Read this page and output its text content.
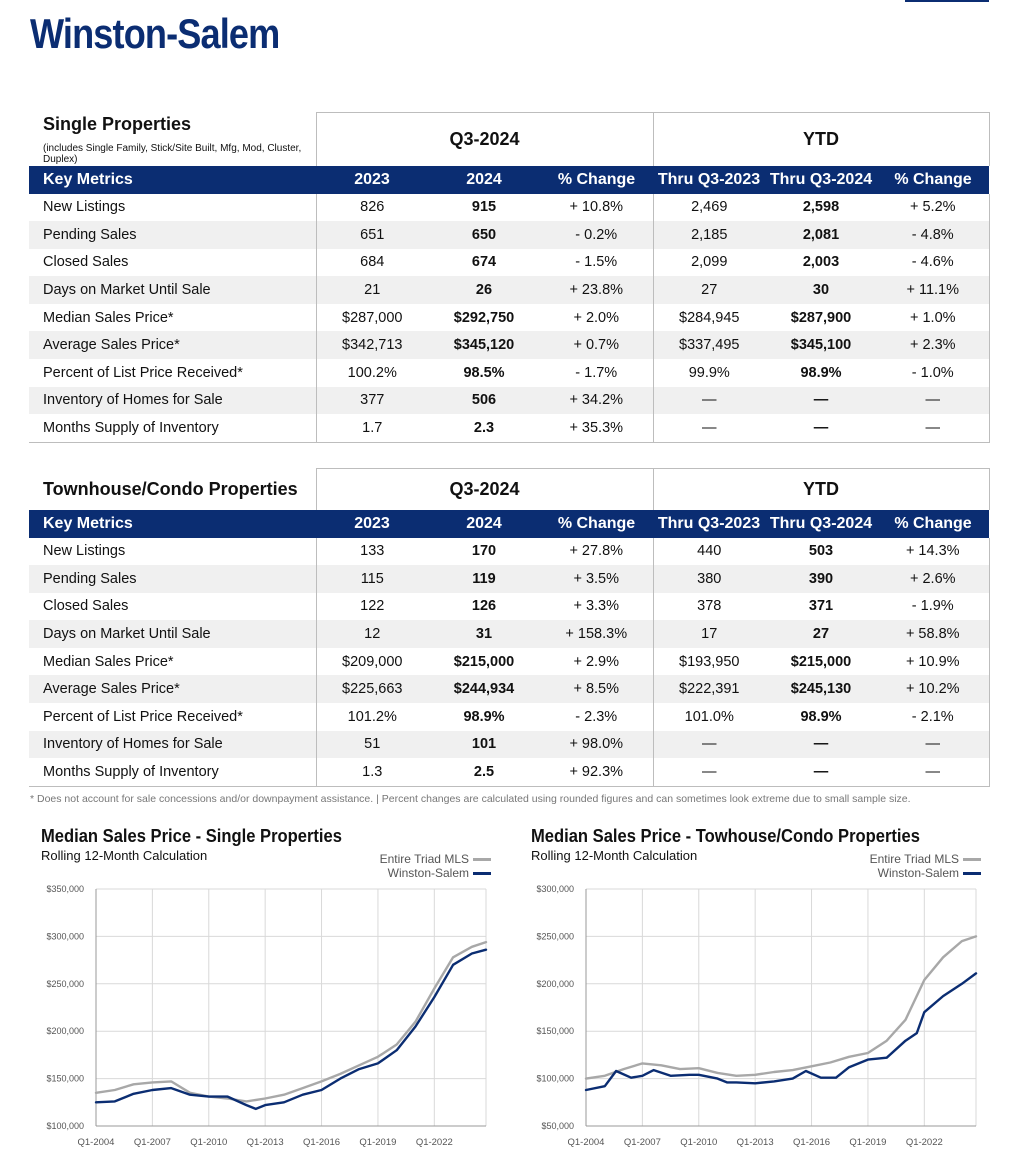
Winston-Salem
Single Properties
(includes Single Family, Stick/Site Built, Mfg, Mod, Cluster, Duplex)	Q3-2024			YTD		
Key Metrics	2023	2024	% Change	Thru Q3-2023	Thru Q3-2024	% Change
New Listings	826	915	+ 10.8%	2,469	2,598	+ 5.2%
Pending Sales	651	650	- 0.2%	2,185	2,081	- 4.8%
Closed Sales	684	674	- 1.5%	2,099	2,003	- 4.6%
Days on Market Until Sale	21	26	+ 23.8%	27	30	+ 11.1%
Median Sales Price*	$287,000	$292,750	+ 2.0%	$284,945	$287,900	+ 1.0%
Average Sales Price*	$342,713	$345,120	+ 0.7%	$337,495	$345,100	+ 2.3%
Percent of List Price Received*	100.2%	98.5%	- 1.7%	99.9%	98.9%	- 1.0%
Inventory of Homes for Sale	377	506	+ 34.2%	—	—	—
Months Supply of Inventory	1.7	2.3	+ 35.3%	—	—	—
Townhouse/Condo Properties	Q3-2024			YTD		
Key Metrics	2023	2024	% Change	Thru Q3-2023	Thru Q3-2024	% Change
New Listings	133	170	+ 27.8%	440	503	+ 14.3%
Pending Sales	115	119	+ 3.5%	380	390	+ 2.6%
Closed Sales	122	126	+ 3.3%	378	371	- 1.9%
Days on Market Until Sale	12	31	+ 158.3%	17	27	+ 58.8%
Median Sales Price*	$209,000	$215,000	+ 2.9%	$193,950	$215,000	+ 10.9%
Average Sales Price*	$225,663	$244,934	+ 8.5%	$222,391	$245,130	+ 10.2%
Percent of List Price Received*	101.2%	98.9%	- 2.3%	101.0%	98.9%	- 2.1%
Inventory of Homes for Sale	51	101	+ 98.0%	—	—	—
Months Supply of Inventory	1.3	2.5	+ 92.3%	—	—	—
* Does not account for sale concessions and/or downpayment assistance. | Percent changes are calculated using rounded figures and can sometimes look extreme due to small sample size.
$100,000
$150,000
$200,000
$250,000
$300,000
$350,000
Q1-2004 Q1-2007 Q1-2010 Q1-2013 Q1-2016 Q1-2019 Q1-2022
Median Sales Price - Single Properties
Rolling 12-Month Calculation	Entire Triad MLS
Winston-Salem
$50,000
$100,000
$150,000
$200,000
$250,000
$300,000
Q1-2004 Q1-2007 Q1-2010 Q1-2013 Q1-2016 Q1-2019 Q1-2022
Median Sales Price - Towhouse/Condo Properties
Rolling 12-Month Calculation	Entire Triad MLS
Winston-Salem
